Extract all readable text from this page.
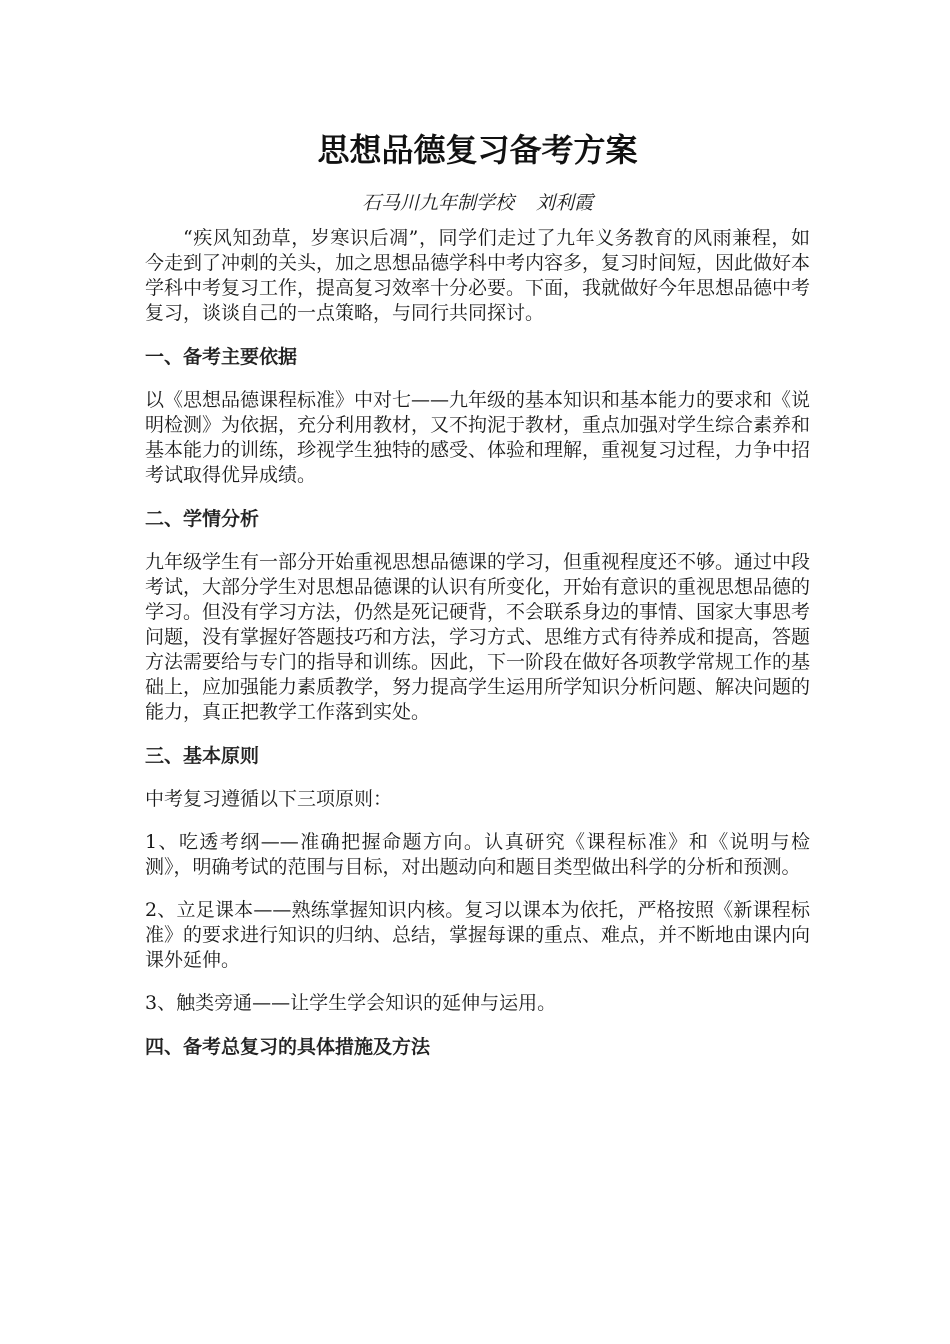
思想品德复习备考方案
石马川九年制学校 刘利霞

“疾风知劲草，岁寒识后凋”，同学们走过了九年义务教育的风雨兼程，如今走到了冲刺的关头，加之思想品德学科中考内容多，复习时间短，因此做好本学科中考复习工作，提高复习效率十分必要。下面，我就做好今年思想品德中考复习，谈谈自己的一点策略，与同行共同探讨。

一、备考主要依据

以《思想品德课程标准》中对七——九年级的基本知识和基本能力的要求和《说明检测》为依据，充分利用教材，又不拘泥于教材，重点加强对学生综合素养和基本能力的训练，珍视学生独特的感受、体验和理解，重视复习过程，力争中招考试取得优异成绩。

二、学情分析

九年级学生有一部分开始重视思想品德课的学习，但重视程度还不够。通过中段考试，大部分学生对思想品德课的认识有所变化，开始有意识的重视思想品德的学习。但没有学习方法，仍然是死记硬背，不会联系身边的事情、国家大事思考问题，没有掌握好答题技巧和方法，学习方式、思维方式有待养成和提高，答题方法需要给与专门的指导和训练。因此，下一阶段在做好各项教学常规工作的基础上，应加强能力素质教学，努力提高学生运用所学知识分析问题、解决问题的能力，真正把教学工作落到实处。

三、基本原则

中考复习遵循以下三项原则：

1、吃透考纲——准确把握命题方向。认真研究《课程标准》和《说明与检测》，明确考试的范围与目标，对出题动向和题目类型做出科学的分析和预测。

2、立足课本——熟练掌握知识内核。复习以课本为依托，严格按照《新课程标准》的要求进行知识的归纳、总结，掌握每课的重点、难点，并不断地由课内向课外延伸。

3、触类旁通——让学生学会知识的延伸与运用。

四、备考总复习的具体措施及方法
